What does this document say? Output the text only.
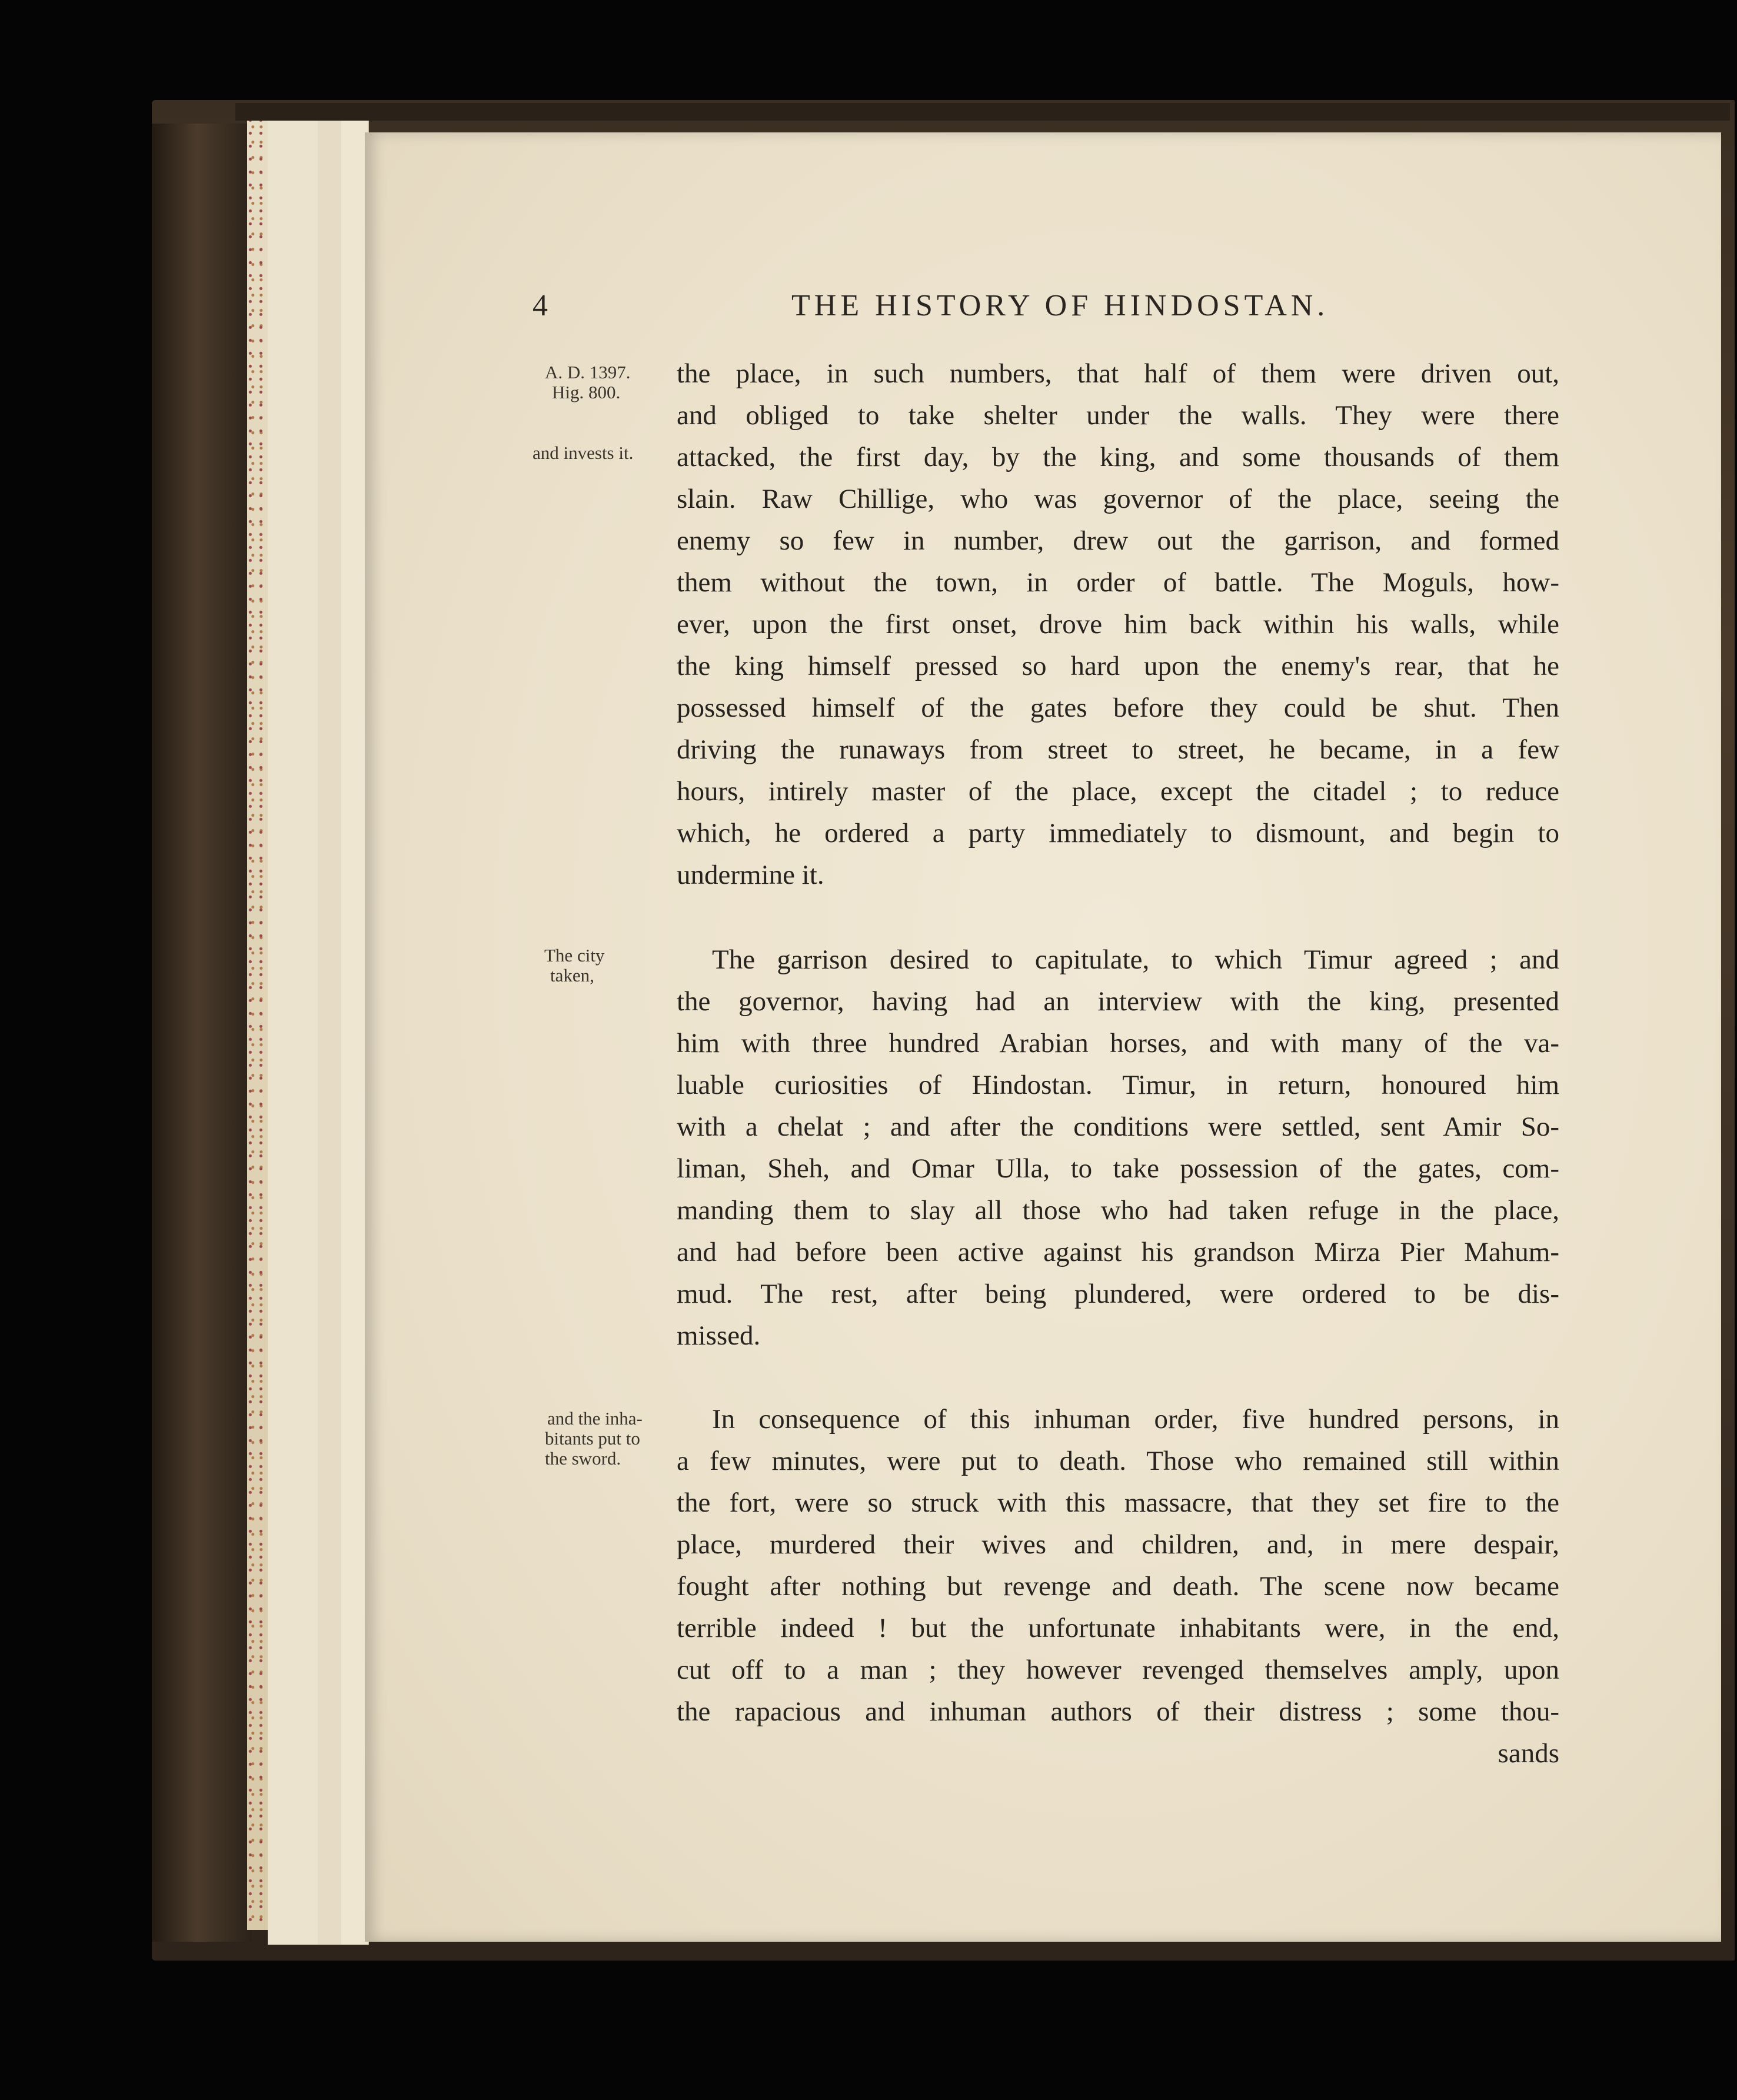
4	THE HISTORY OF HINDOSTAN.
A. D. 1397.
Hig. 800.
and invests it.
The city
taken,
and the inha-
bitants put to
the sword.
the place, in such numbers, that half of them were driven out,
and obliged to take shelter under the walls. They were there
attacked, the first day, by the king, and some thousands of them
slain. Raw Chillige, who was governor of the place, seeing the
enemy so few in number, drew out the garrison, and formed
them without the town, in order of battle. The Moguls, how-
ever, upon the first onset, drove him back within his walls, while
the king himself pressed so hard upon the enemy's rear, that he
possessed himself of the gates before they could be shut. Then
driving the runaways from street to street, he became, in a few
hours, intirely master of the place, except the citadel ; to reduce
which, he ordered a party immediately to dismount, and begin to
undermine it.
The garrison desired to capitulate, to which Timur agreed ; and
the governor, having had an interview with the king, presented
him with three hundred Arabian horses, and with many of the va-
luable curiosities of Hindostan. Timur, in return, honoured him
with a chelat ; and after the conditions were settled, sent Amir So-
liman, Sheh, and Omar Ulla, to take possession of the gates, com-
manding them to slay all those who had taken refuge in the place,
and had before been active against his grandson Mirza Pier Mahum-
mud. The rest, after being plundered, were ordered to be dis-
missed.
In consequence of this inhuman order, five hundred persons, in
a few minutes, were put to death. Those who remained still within
the fort, were so struck with this massacre, that they set fire to the
place, murdered their wives and children, and, in mere despair,
fought after nothing but revenge and death. The scene now became
terrible indeed ! but the unfortunate inhabitants were, in the end,
cut off to a man ; they however revenged themselves amply, upon
the rapacious and inhuman authors of their distress ; some thou-
sands
